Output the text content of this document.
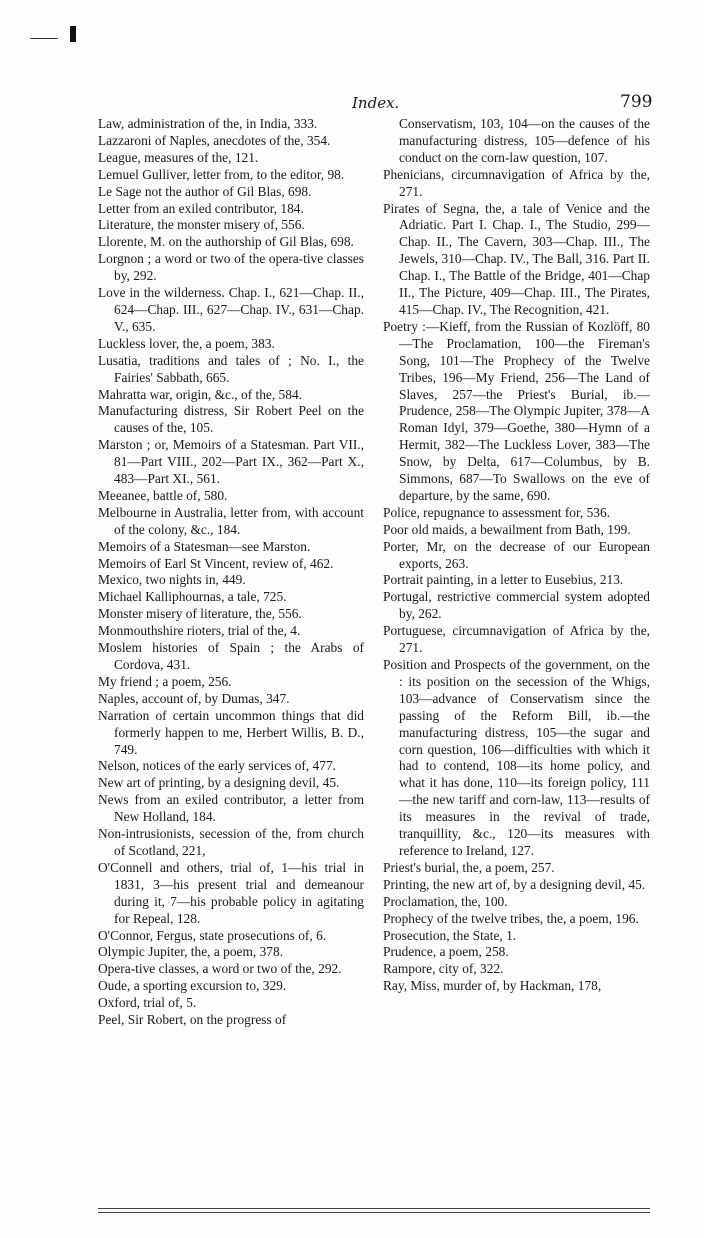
Index.	799

Law, administration of the, in India, 333.

Lazzaroni of Naples, anecdotes of the, 354.

League, measures of the, 121.

Lemuel Gulliver, letter from, to the editor, 98.

Le Sage not the author of Gil Blas, 698.

Letter from an exiled contributor, 184.

Literature, the monster misery of, 556.

Llorente, M. on the authorship of Gil Blas, 698.

Lorgnon ; a word or two of the opera-tive classes by, 292.

Love in the wilderness. Chap. I., 621—Chap. II., 624—Chap. III., 627—Chap. IV., 631—Chap. V., 635.

Luckless lover, the, a poem, 383.

Lusatia, traditions and tales of ; No. I., the Fairies' Sabbath, 665.

Mahratta war, origin, &c., of the, 584.

Manufacturing distress, Sir Robert Peel on the causes of the, 105.

Marston ; or, Memoirs of a Statesman. Part VII., 81—Part VIII., 202—Part IX., 362—Part X., 483—Part XI., 561.

Meeanee, battle of, 580.

Melbourne in Australia, letter from, with account of the colony, &c., 184.

Memoirs of a Statesman—see Marston.

Memoirs of Earl St Vincent, review of, 462.

Mexico, two nights in, 449.

Michael Kalliphournas, a tale, 725.

Monster misery of literature, the, 556.

Monmouthshire rioters, trial of the, 4.

Moslem histories of Spain ; the Arabs of Cordova, 431.

My friend ; a poem, 256.

Naples, account of, by Dumas, 347.

Narration of certain uncommon things that did formerly happen to me, Herbert Willis, B. D., 749.

Nelson, notices of the early services of, 477.

New art of printing, by a designing devil, 45.

News from an exiled contributor, a letter from New Holland, 184.

Non-intrusionists, secession of the, from church of Scotland, 221,

O'Connell and others, trial of, 1—his trial in 1831, 3—his present trial and demeanour during it, 7—his probable policy in agitating for Repeal, 128.

O'Connor, Fergus, state prosecutions of, 6.

Olympic Jupiter, the, a poem, 378.

Opera-tive classes, a word or two of the, 292.

Oude, a sporting excursion to, 329.

Oxford, trial of, 5.

Peel, Sir Robert, on the progress of

Conservatism, 103, 104—on the causes of the manufacturing distress, 105—defence of his conduct on the corn-law question, 107.

Phenicians, circumnavigation of Africa by the, 271.

Pirates of Segna, the, a tale of Venice and the Adriatic. Part I. Chap. I., The Studio, 299—Chap. II., The Cavern, 303—Chap. III., The Jewels, 310—Chap. IV., The Ball, 316. Part II. Chap. I., The Battle of the Bridge, 401—Chap II., The Picture, 409—Chap. III., The Pirates, 415—Chap. IV., The Recognition, 421.

Poetry :—Kieff, from the Russian of Kozlöff, 80—The Proclamation, 100—the Fireman's Song, 101—The Prophecy of the Twelve Tribes, 196—My Friend, 256—The Land of Slaves, 257—the Priest's Burial, ib.—Prudence, 258—The Olympic Jupiter, 378—A Roman Idyl, 379—Goethe, 380—Hymn of a Hermit, 382—The Luckless Lover, 383—The Snow, by Delta, 617—Columbus, by B. Simmons, 687—To Swallows on the eve of departure, by the same, 690.

Police, repugnance to assessment for, 536.

Poor old maids, a bewailment from Bath, 199.

Porter, Mr, on the decrease of our European exports, 263.

Portrait painting, in a letter to Eusebius, 213.

Portugal, restrictive commercial system adopted by, 262.

Portuguese, circumnavigation of Africa by the, 271.

Position and Prospects of the government, on the : its position on the secession of the Whigs, 103—advance of Conservatism since the passing of the Reform Bill, ib.—the manufacturing distress, 105—the sugar and corn question, 106—difficulties with which it had to contend, 108—its home policy, and what it has done, 110—its foreign policy, 111—the new tariff and corn-law, 113—results of its measures in the revival of trade, tranquillity, &c., 120—its measures with reference to Ireland, 127.

Priest's burial, the, a poem, 257.

Printing, the new art of, by a designing devil, 45.

Proclamation, the, 100.

Prophecy of the twelve tribes, the, a poem, 196.

Prosecution, the State, 1.

Prudence, a poem, 258.

Rampore, city of, 322.

Ray, Miss, murder of, by Hackman, 178,
